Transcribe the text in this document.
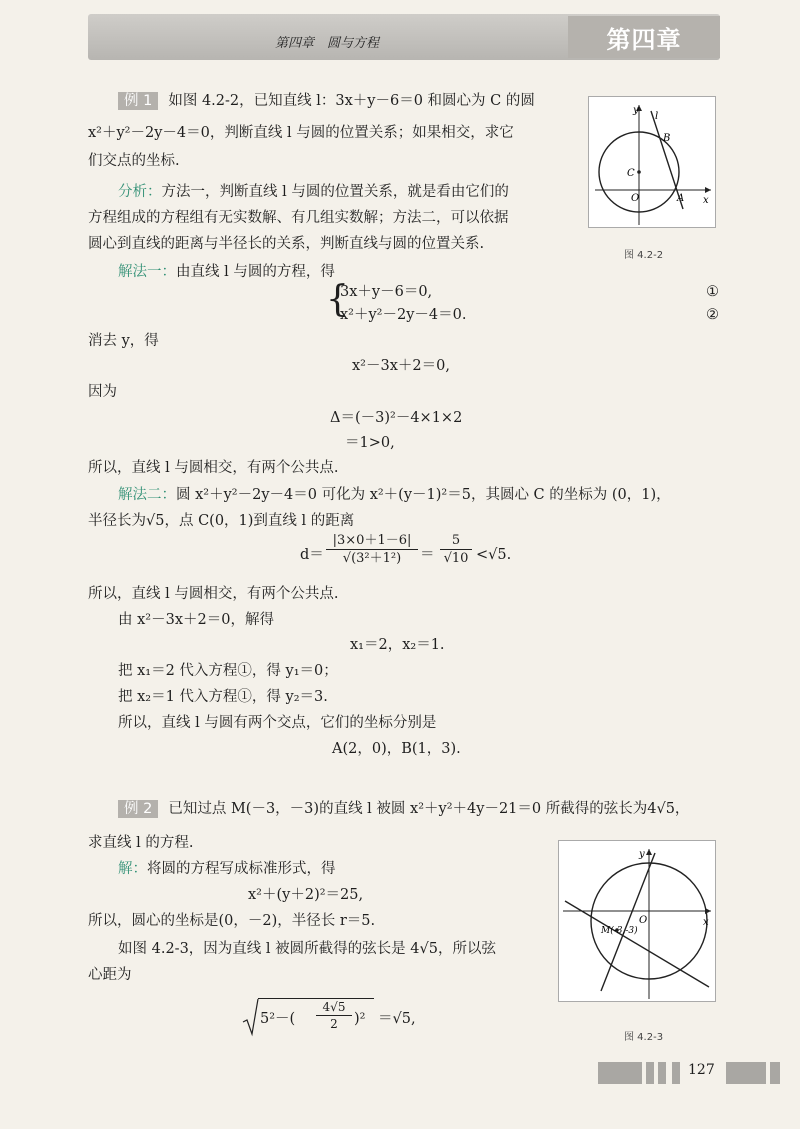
第四章　圆与方程	第四章
例 1 如图 4.2-2，已知直线 l：3x＋y－6＝0 和圆心为 C 的圆
x²＋y²－2y－4＝0，判断直线 l 与圆的位置关系；如果相交，求它
们交点的坐标.
分析：方法一，判断直线 l 与圆的位置关系，就是看由它们的
方程组成的方程组有无实数解、有几组实数解；方法二，可以依据
圆心到直线的距离与半径长的关系，判断直线与圆的位置关系.
解法一：由直线 l 与圆的方程，得
{
3x＋y－6＝0,
x²＋y²－2y－4＝0.
①
②
消去 y，得
x²－3x＋2＝0,
因为
Δ＝(－3)²－4×1×2
＝1>0,
所以，直线 l 与圆相交，有两个公共点.
解法二：圆 x²＋y²－2y－4＝0 可化为 x²＋(y－1)²＝5，其圆心 C 的坐标为 (0，1)，
半径长为√5，点 C(0，1)到直线 l 的距离
$d= \frac{|3\times 0+1-6|}{\text{√(3²＋1²)}} = \frac{5}{√10} <√5$.
所以，直线 l 与圆相交，有两个公共点.
由 x²－3x＋2＝0，解得
x₁＝2，x₂＝1.
把 x₁＝2 代入方程①，得 y₁＝0；
把 x₂＝1 代入方程①，得 y₂＝3.
所以，直线 l 与圆有两个交点，它们的坐标分别是
A(2，0)，B(1，3).
y
x
l
B
C
O	A
图 4.2-2
例 2 已知过点 M(－3，－3)的直线 l 被圆 x²＋y²＋4y－21＝0 所截得的弦长为4√5，
求直线 l 的方程.
解：将圆的方程写成标准形式，得
x²＋(y＋2)²＝25,
所以，圆心的坐标是(0，－2)，半径长 r＝5.
如图 4.2-3，因为直线 l 被圆所截得的弦长是 4√5，所以弦
心距为
$5^2-( \frac{4√5}{2} )^2 =√5$,
y
x
O
M(-3,-3)
图 4.2-3
127
